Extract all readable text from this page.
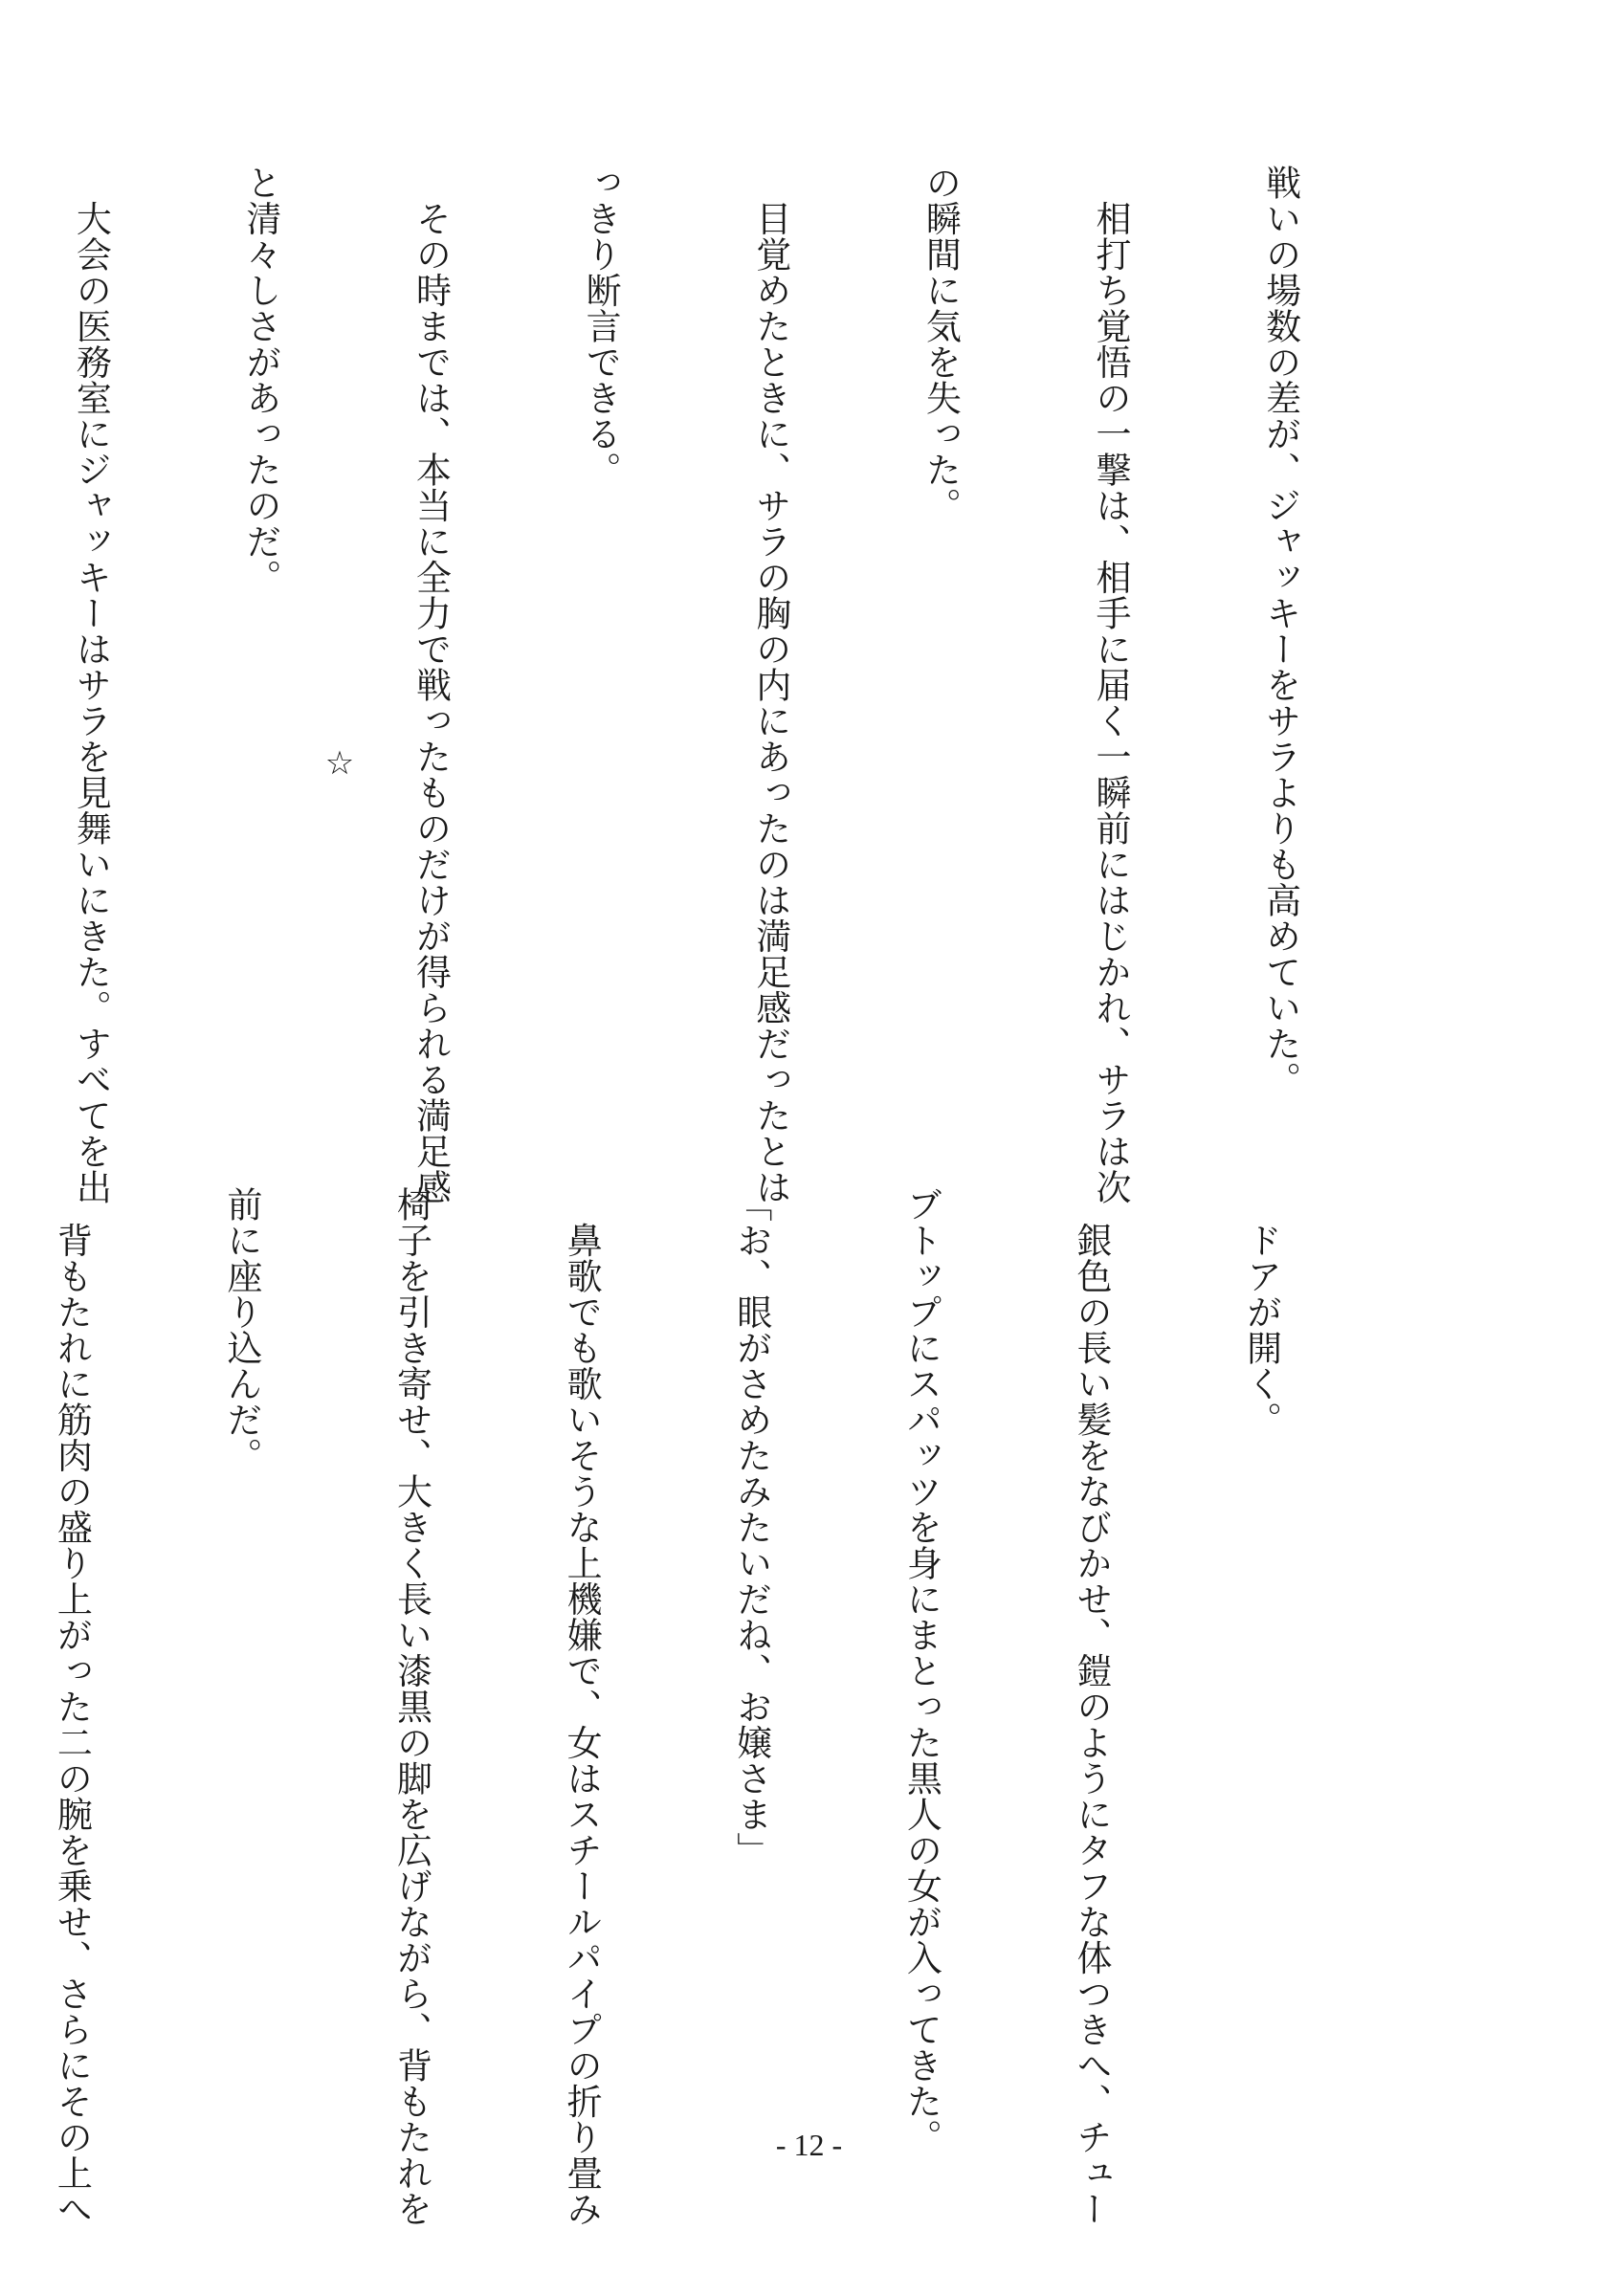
戦いの場数の差が、ジャッキーをサラよりも高めていた。

　相打ち覚悟の一撃は、相手に届く一瞬前にはじかれ、サラは次

の瞬間に気を失った。

　目覚めたときに、サラの胸の内にあったのは満足感だったとは

っきり断言できる。

　その時までは、本当に全力で戦ったものだけが得られる満足感

と清々しさがあったのだ。

　大会の医務室にジャッキーはサラを見舞いにきた。すべてを出

	☆

　ドアが開く。

　銀色の長い髪をなびかせ、鎧のようにタフな体つきへ、チュー

ブトップにスパッツを身にまとった黒人の女が入ってきた。

「お、眼がさめたみたいだね、お嬢さま」

　鼻歌でも歌いそうな上機嫌で、女はスチールパイプの折り畳み

椅子を引き寄せ、大きく長い漆黒の脚を広げながら、背もたれを

前に座り込んだ。

　背もたれに筋肉の盛り上がった二の腕を乗せ、さらにその上へ

	- 12 -
